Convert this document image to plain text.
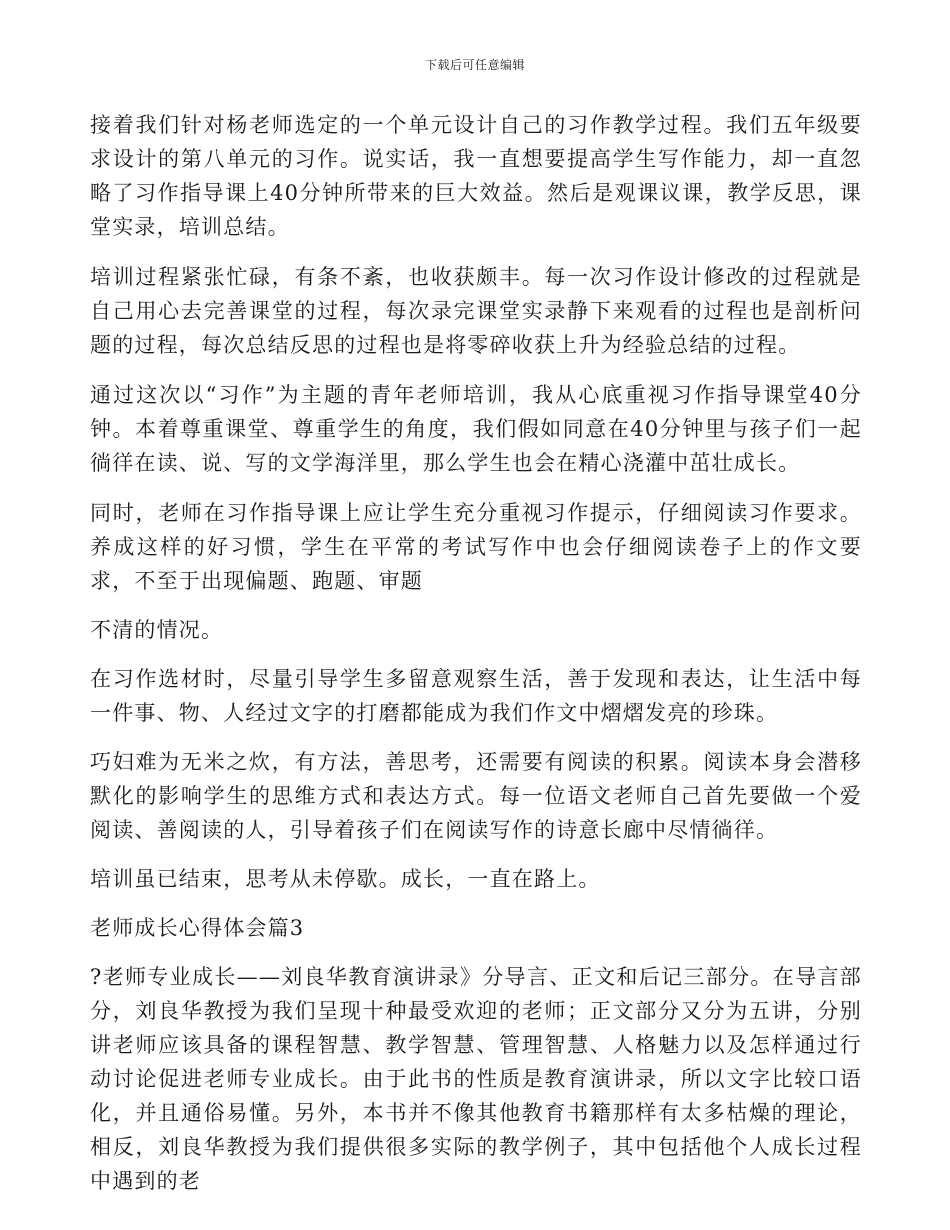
下载后可任意编辑

接着我们针对杨老师选定的一个单元设计自己的习作教学过程。我们五年级要求设计的第八单元的习作。说实话，我一直想要提高学生写作能力，却一直忽略了习作指导课上40分钟所带来的巨大效益。然后是观课议课，教学反思，课堂实录，培训总结。

培训过程紧张忙碌，有条不紊，也收获颇丰。每一次习作设计修改的过程就是自己用心去完善课堂的过程，每次录完课堂实录静下来观看的过程也是剖析问题的过程，每次总结反思的过程也是将零碎收获上升为经验总结的过程。

通过这次以“习作”为主题的青年老师培训，我从心底重视习作指导课堂40分钟。本着尊重课堂、尊重学生的角度，我们假如同意在40分钟里与孩子们一起徜徉在读、说、写的文学海洋里，那么学生也会在精心浇灌中茁壮成长。

同时，老师在习作指导课上应让学生充分重视习作提示，仔细阅读习作要求。养成这样的好习惯，学生在平常的考试写作中也会仔细阅读卷子上的作文要求，不至于出现偏题、跑题、审题

不清的情况。

在习作选材时，尽量引导学生多留意观察生活，善于发现和表达，让生活中每一件事、物、人经过文字的打磨都能成为我们作文中熠熠发亮的珍珠。

巧妇难为无米之炊，有方法，善思考，还需要有阅读的积累。阅读本身会潜移默化的影响学生的思维方式和表达方式。每一位语文老师自己首先要做一个爱阅读、善阅读的人，引导着孩子们在阅读写作的诗意长廊中尽情徜徉。

培训虽已结束，思考从未停歇。成长，一直在路上。

老师成长心得体会篇3

?老师专业成长——刘良华教育演讲录》分导言、正文和后记三部分。在导言部分，刘良华教授为我们呈现十种最受欢迎的老师；正文部分又分为五讲，分别讲老师应该具备的课程智慧、教学智慧、管理智慧、人格魅力以及怎样通过行动讨论促进老师专业成长。由于此书的性质是教育演讲录，所以文字比较口语化，并且通俗易懂。另外，本书并不像其他教育书籍那样有太多枯燥的理论，相反，刘良华教授为我们提供很多实际的教学例子，其中包括他个人成长过程中遇到的老
